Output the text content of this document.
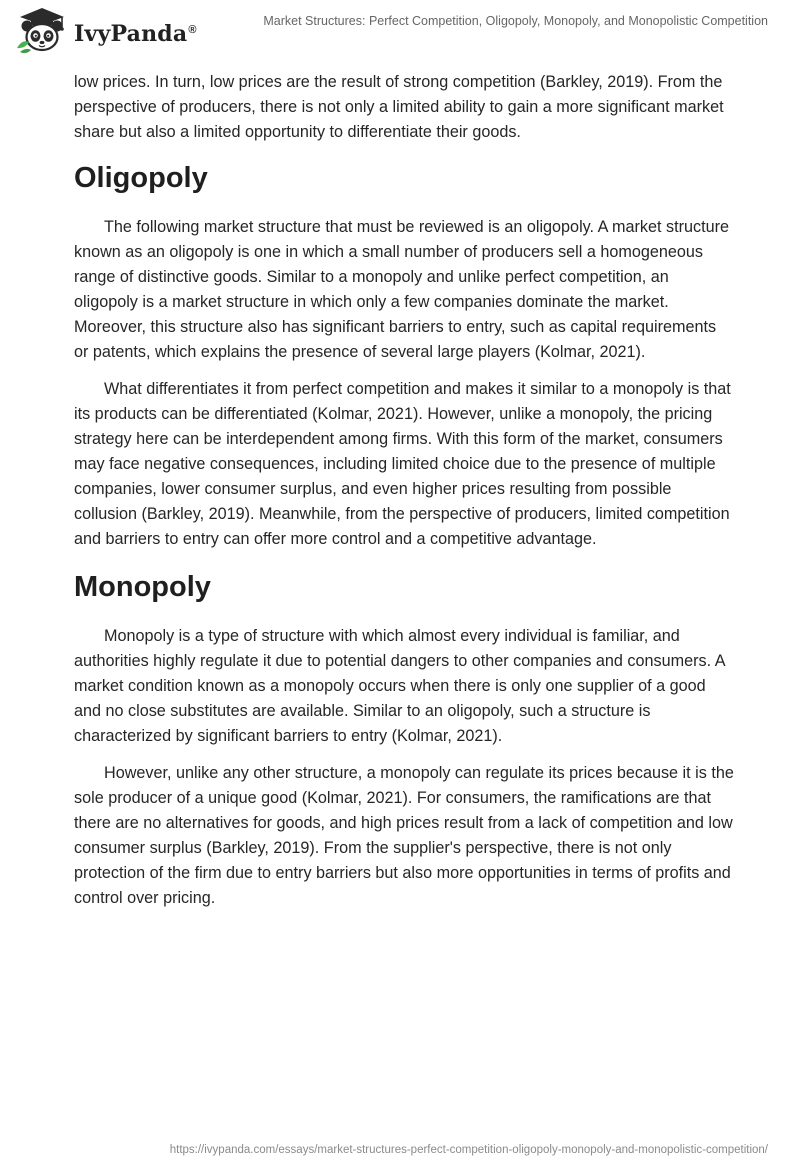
IvyPanda®
Market Structures: Perfect Competition, Oligopoly, Monopoly, and Monopolistic Competition

low prices. In turn, low prices are the result of strong competition (Barkley, 2019). From the perspective of producers, there is not only a limited ability to gain a more significant market share but also a limited opportunity to differentiate their goods.

Oligopoly

The following market structure that must be reviewed is an oligopoly. A market structure known as an oligopoly is one in which a small number of producers sell a homogeneous range of distinctive goods. Similar to a monopoly and unlike perfect competition, an oligopoly is a market structure in which only a few companies dominate the market. Moreover, this structure also has significant barriers to entry, such as capital requirements or patents, which explains the presence of several large players (Kolmar, 2021).

What differentiates it from perfect competition and makes it similar to a monopoly is that its products can be differentiated (Kolmar, 2021). However, unlike a monopoly, the pricing strategy here can be interdependent among firms. With this form of the market, consumers may face negative consequences, including limited choice due to the presence of multiple companies, lower consumer surplus, and even higher prices resulting from possible collusion (Barkley, 2019). Meanwhile, from the perspective of producers, limited competition and barriers to entry can offer more control and a competitive advantage.

Monopoly

Monopoly is a type of structure with which almost every individual is familiar, and authorities highly regulate it due to potential dangers to other companies and consumers. A market condition known as a monopoly occurs when there is only one supplier of a good and no close substitutes are available. Similar to an oligopoly, such a structure is characterized by significant barriers to entry (Kolmar, 2021).

However, unlike any other structure, a monopoly can regulate its prices because it is the sole producer of a unique good (Kolmar, 2021). For consumers, the ramifications are that there are no alternatives for goods, and high prices result from a lack of competition and low consumer surplus (Barkley, 2019). From the supplier's perspective, there is not only protection of the firm due to entry barriers but also more opportunities in terms of profits and control over pricing.

https://ivypanda.com/essays/market-structures-perfect-competition-oligopoly-monopoly-and-monopolistic-competition/
